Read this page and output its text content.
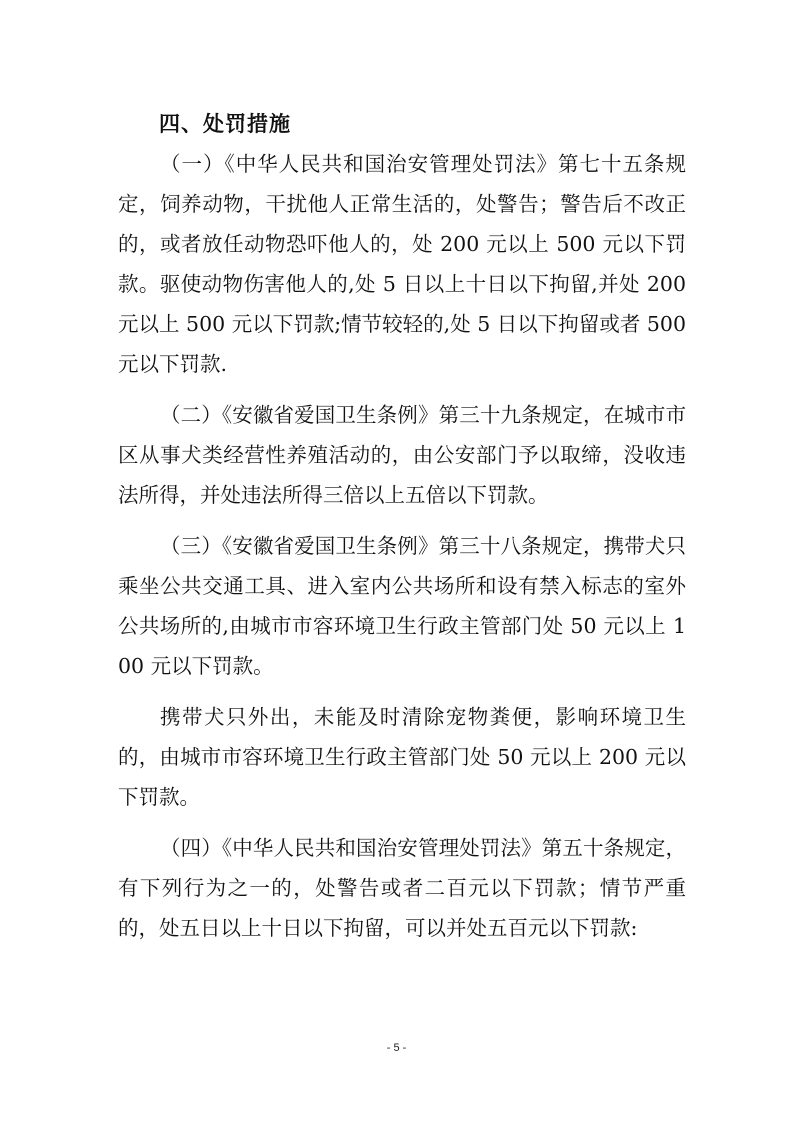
四、处罚措施

（一）《中华人民共和国治安管理处罚法》第七十五条规定，饲养动物，干扰他人正常生活的，处警告；警告后不改正的，或者放任动物恐吓他人的，处 200 元以上 500 元以下罚款。驱使动物伤害他人的,处 5 日以上十日以下拘留,并处 200 元以上 500 元以下罚款;情节较轻的,处 5 日以下拘留或者 500 元以下罚款.

（二）《安徽省爱国卫生条例》第三十九条规定，在城市市区从事犬类经营性养殖活动的，由公安部门予以取缔，没收违法所得，并处违法所得三倍以上五倍以下罚款。

（三）《安徽省爱国卫生条例》第三十八条规定，携带犬只乘坐公共交通工具、进入室内公共场所和设有禁入标志的室外公共场所的,由城市市容环境卫生行政主管部门处 50 元以上 100 元以下罚款。

携带犬只外出，未能及时清除宠物粪便，影响环境卫生的，由城市市容环境卫生行政主管部门处 50 元以上 200 元以下罚款。

（四）《中华人民共和国治安管理处罚法》第五十条规定，有下列行为之一的，处警告或者二百元以下罚款；情节严重的，处五日以上十日以下拘留，可以并处五百元以下罚款:

- 5 -
